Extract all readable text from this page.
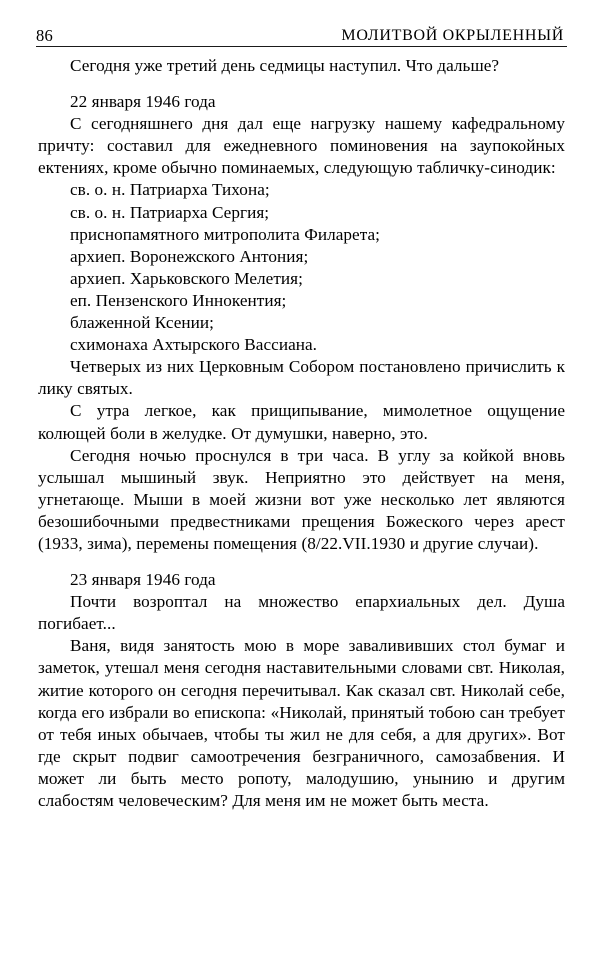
86	МОЛИТВОЙ ОКРЫЛЕННЫЙ

Сегодня уже третий день седмицы наступил. Что дальше?

22 января 1946 года

С сегодняшнего дня дал еще нагрузку нашему кафедральному причту: составил для ежедневного поминовения на заупокойных ектениях, кроме обычно поминаемых, следующую табличку-синодик:

св. о. н. Патриарха Тихона;
св. о. н. Патриарха Сергия;
приснопамятного митрополита Филарета;
архиеп. Воронежского Антония;
архиеп. Харьковского Мелетия;
еп. Пензенского Иннокентия;
блаженной Ксении;
схимонаха Ахтырского Вассиана.

Четверых из них Церковным Собором постановлено причислить к лику святых.

С утра легкое, как прищипывание, мимолетное ощущение колющей боли в желудке. От думушки, наверно, это.

Сегодня ночью проснулся в три часа. В углу за койкой вновь услышал мышиный звук. Неприятно это действует на меня, угнетающе. Мыши в моей жизни вот уже несколько лет являются безошибочными предвестниками прещения Божеского через арест (1933, зима), перемены помещения (8/22.VII.1930 и другие случаи).

23 января 1946 года

Почти возроптал на множество епархиальных дел. Душа погибает...

Ваня, видя занятость мою в море завалививших стол бумаг и заметок, утешал меня сегодня наставительными словами свт. Николая, житие которого он сегодня перечитывал. Как сказал свт. Николай себе, когда его избрали во епископа: «Николай, принятый тобою сан требует от тебя иных обычаев, чтобы ты жил не для себя, а для других». Вот где скрыт подвиг самоотречения безграничного, самозабвения. И может ли быть место ропоту, малодушию, унынию и другим слабостям человеческим? Для меня им не может быть места.
